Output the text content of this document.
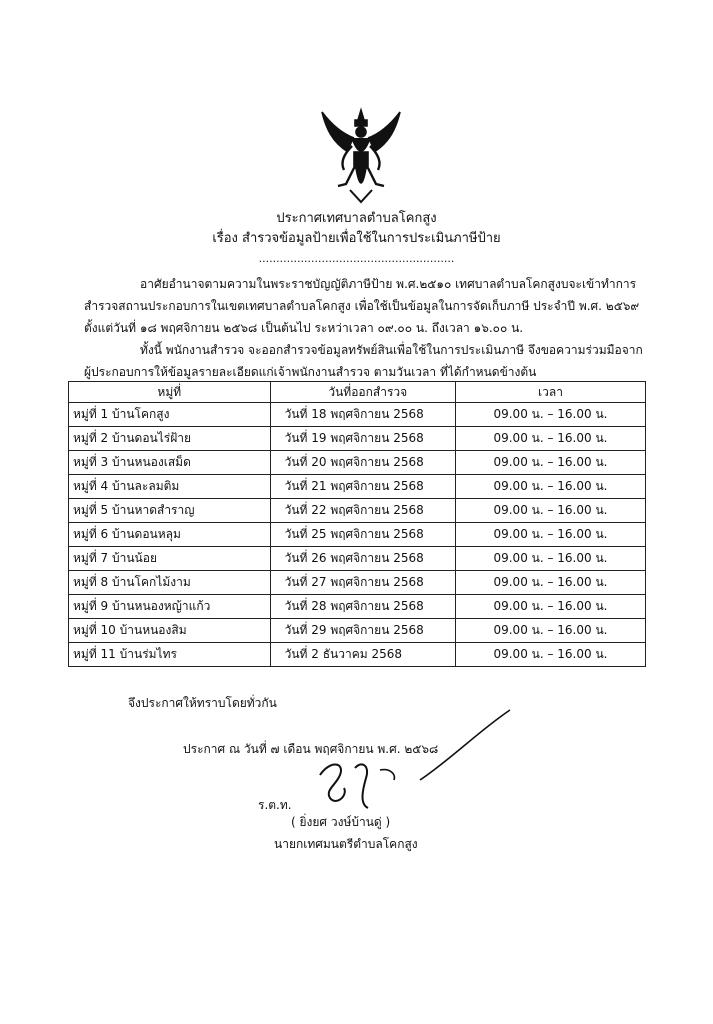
ประกาศเทศบาลตำบลโคกสูง
เรื่อง สำรวจข้อมูลป้ายเพื่อใช้ในการประเมินภาษีป้าย
........................................................
อาศัยอำนาจตามความในพระราชบัญญัติภาษีป้าย พ.ศ.๒๕๑๐ เทศบาลตำบลโคกสูงบจะเข้าทำการ
สำรวจสถานประกอบการในเขตเทศบาลตำบลโคกสูง เพื่อใช้เป็นข้อมูลในการจัดเก็บภาษี ประจำปี พ.ศ. ๒๕๖๙
ตั้งแต่วันที่ ๑๘ พฤศจิกายน ๒๕๖๘ เป็นต้นไป ระหว่าเวลา ๐๙.๐๐ น. ถึงเวลา ๑๖.๐๐ น.
ทั้งนี้ พนักงานสำรวจ จะออกสำรวจข้อมูลทรัพย์สินเพื่อใช้ในการประเมินภาษี จึงขอความร่วมมือจาก
ผู้ประกอบการให้ข้อมูลรายละเอียดแก่เจ้าพนักงานสำรวจ ตามวันเวลา ที่ได้กำหนดข้างต้น
หมู่ที่	วันที่ออกสำรวจ	เวลา
หมู่ที่ 1 บ้านโคกสูง	วันที่ 18 พฤศจิกายน 2568	09.00 น. – 16.00 น.
หมู่ที่ 2 บ้านดอนไร่ฝ้าย	วันที่ 19 พฤศจิกายน 2568	09.00 น. – 16.00 น.
หมู่ที่ 3 บ้านหนองเสม็ด	วันที่ 20 พฤศจิกายน 2568	09.00 น. – 16.00 น.
หมู่ที่ 4 บ้านละลมติม	วันที่ 21 พฤศจิกายน 2568	09.00 น. – 16.00 น.
หมู่ที่ 5 บ้านหาดสำราญ	วันที่ 22 พฤศจิกายน 2568	09.00 น. – 16.00 น.
หมู่ที่ 6 บ้านดอนหลุม	วันที่ 25 พฤศจิกายน 2568	09.00 น. – 16.00 น.
หมู่ที่ 7 บ้านน้อย	วันที่ 26 พฤศจิกายน 2568	09.00 น. – 16.00 น.
หมู่ที่ 8 บ้านโคกไม้งาม	วันที่ 27 พฤศจิกายน 2568	09.00 น. – 16.00 น.
หมู่ที่ 9 บ้านหนองหญ้าแก้ว	วันที่ 28 พฤศจิกายน 2568	09.00 น. – 16.00 น.
หมู่ที่ 10 บ้านหนองสิม	วันที่ 29 พฤศจิกายน 2568	09.00 น. – 16.00 น.
หมู่ที่ 11 บ้านร่มไทร	วันที่ 2 ธันวาคม 2568	09.00 น. – 16.00 น.
จึงประกาศให้ทราบโดยทั่วกัน
ประกาศ ณ วันที่ ๗ เดือน พฤศจิกายน พ.ศ. ๒๕๖๘
ร.ต.ท.
( ยิ่งยศ วงษ์บ้านดู่ )
นายกเทศมนตรีตำบลโคกสูง
